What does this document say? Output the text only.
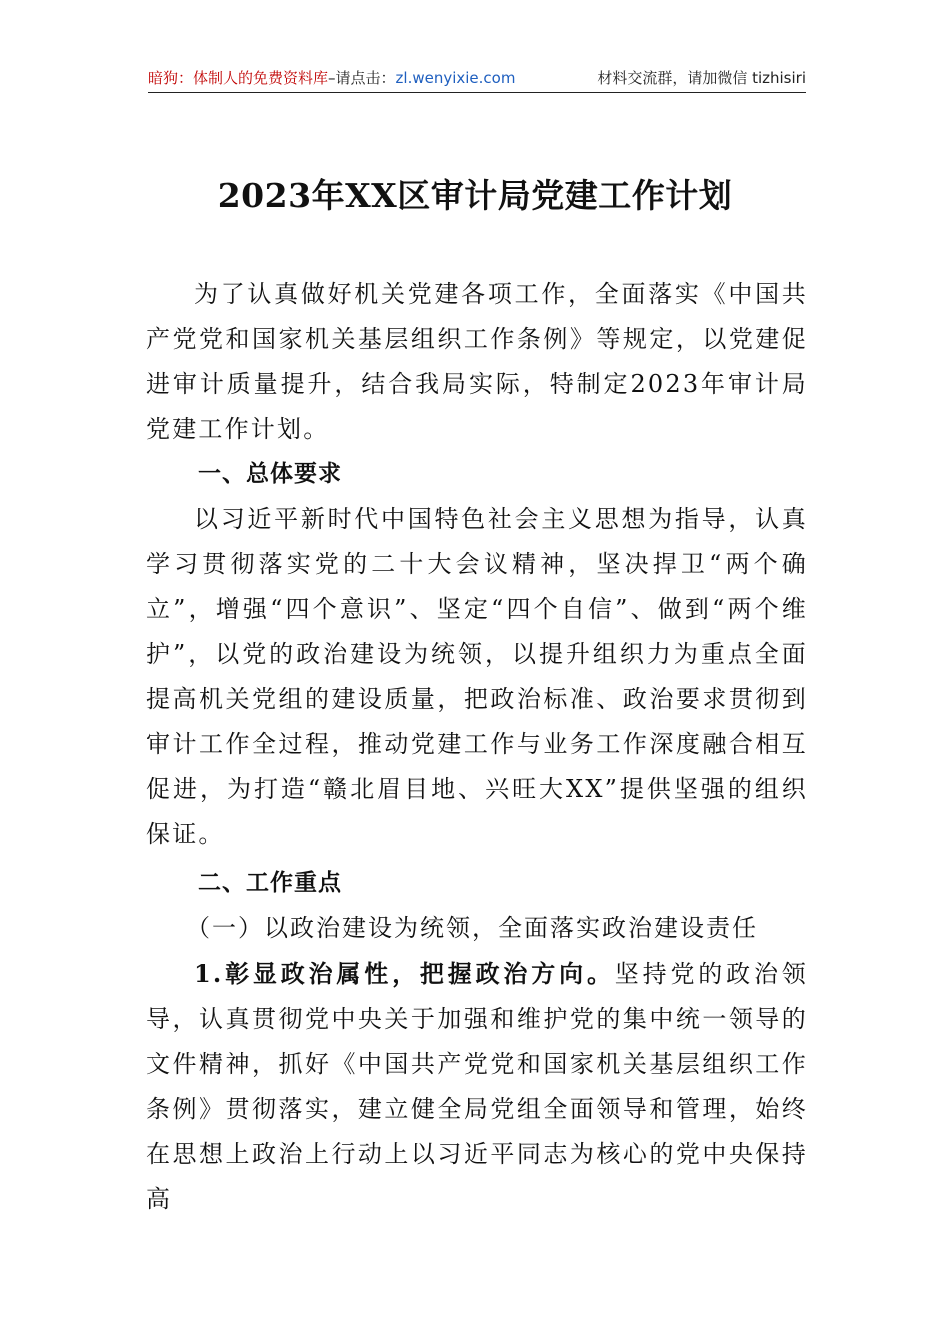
暗狗：体制人的免费资料库–请点击：zl.wenyixie.com	材料交流群，请加微信 tizhisiri
2023年XX区审计局党建工作计划

为了认真做好机关党建各项工作，全面落实《中国共产党党和国家机关基层组织工作条例》等规定，以党建促进审计质量提升，结合我局实际，特制定2023年审计局党建工作计划。

一、总体要求

以习近平新时代中国特色社会主义思想为指导，认真学习贯彻落实党的二十大会议精神，坚决捍卫“两个确立”，增强“四个意识”、坚定“四个自信”、做到“两个维护”，以党的政治建设为统领，以提升组织力为重点全面提高机关党组的建设质量，把政治标准、政治要求贯彻到审计工作全过程，推动党建工作与业务工作深度融合相互促进，为打造“赣北眉目地、兴旺大XX”提供坚强的组织保证。

二、工作重点

（一）以政治建设为统领，全面落实政治建设责任

1.彰显政治属性，把握政治方向。坚持党的政治领导，认真贯彻党中央关于加强和维护党的集中统一领导的文件精神，抓好《中国共产党党和国家机关基层组织工作条例》贯彻落实，建立健全局党组全面领导和管理，始终在思想上政治上行动上以习近平同志为核心的党中央保持高
